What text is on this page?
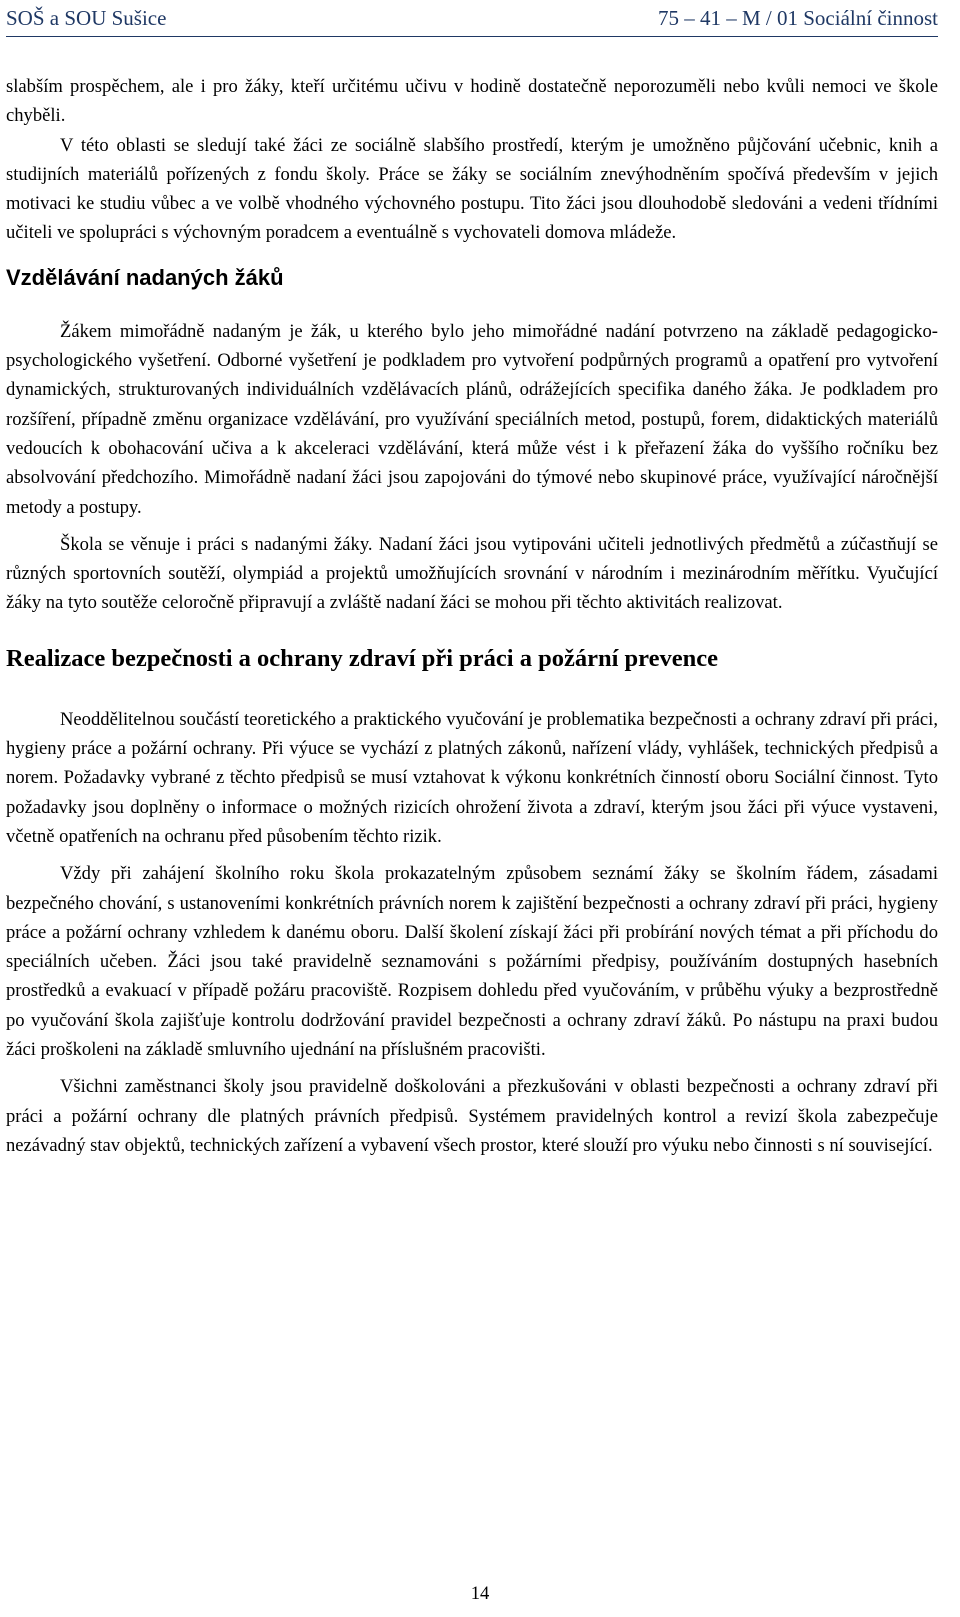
SOŠ a SOU Sušice	75 – 41 – M / 01 Sociální činnost

slabším prospěchem, ale i pro žáky, kteří určitému učivu v hodině dostatečně neporozuměli nebo kvůli nemoci ve škole chyběli.

V této oblasti se sledují také žáci ze sociálně slabšího prostředí, kterým je umožněno půjčování učebnic, knih a studijních materiálů pořízených z fondu školy. Práce se žáky se sociálním znevýhodněním spočívá především v jejich motivaci ke studiu vůbec a ve volbě vhodného výchovného postupu. Tito žáci jsou dlouhodobě sledováni a vedeni třídními učiteli ve spolupráci s výchovným poradcem a eventuálně s vychovateli domova mládeže.

Vzdělávání nadaných žáků

Žákem mimořádně nadaným je žák, u kterého bylo jeho mimořádné nadání potvrzeno na základě pedagogicko-psychologického vyšetření. Odborné vyšetření je podkladem pro vytvoření podpůrných programů a opatření pro vytvoření dynamických, strukturovaných individuálních vzdělávacích plánů, odrážejících specifika daného žáka. Je podkladem pro rozšíření, případně změnu organizace vzdělávání, pro využívání speciálních metod, postupů, forem, didaktických materiálů vedoucích k obohacování učiva a k akceleraci vzdělávání, která může vést i k přeřazení žáka do vyššího ročníku bez absolvování předchozího. Mimořádně nadaní žáci jsou zapojováni do týmové nebo skupinové práce, využívající náročnější metody a postupy.

Škola se věnuje i práci s nadanými žáky. Nadaní žáci jsou vytipováni učiteli jednotlivých předmětů a zúčastňují se různých sportovních soutěží, olympiád a projektů umožňujících srovnání v národním i mezinárodním měřítku. Vyučující žáky na tyto soutěže celoročně připravují a zvláště nadaní žáci se mohou při těchto aktivitách realizovat.

Realizace bezpečnosti a ochrany zdraví při práci a požární prevence

Neoddělitelnou součástí teoretického a praktického vyučování je problematika bezpečnosti a ochrany zdraví při práci, hygieny práce a požární ochrany. Při výuce se vychází z platných zákonů, nařízení vlády, vyhlášek, technických předpisů a norem. Požadavky vybrané z těchto předpisů se musí vztahovat k výkonu konkrétních činností oboru Sociální činnost. Tyto požadavky jsou doplněny o informace o možných rizicích ohrožení života a zdraví, kterým jsou žáci při výuce vystaveni, včetně opatřeních na ochranu před působením těchto rizik.

Vždy při zahájení školního roku škola prokazatelným způsobem seznámí žáky se školním řádem, zásadami bezpečného chování, s ustanoveními konkrétních právních norem k zajištění bezpečnosti a ochrany zdraví při práci, hygieny práce a požární ochrany vzhledem k danému oboru. Další školení získají žáci při probírání nových témat a při příchodu do speciálních učeben. Žáci jsou také pravidelně seznamováni s požárními předpisy, používáním dostupných hasebních prostředků a evakuací v případě požáru pracoviště. Rozpisem dohledu před vyučováním, v průběhu výuky a bezprostředně po vyučování škola zajišťuje kontrolu dodržování pravidel bezpečnosti a ochrany zdraví žáků. Po nástupu na praxi budou žáci proškoleni na základě smluvního ujednání na příslušném pracovišti.

Všichni zaměstnanci školy jsou pravidelně doškolováni a přezkušováni v oblasti bezpečnosti a ochrany zdraví při práci a požární ochrany dle platných právních předpisů. Systémem pravidelných kontrol a revizí škola zabezpečuje nezávadný stav objektů, technických zařízení a vybavení všech prostor, které slouží pro výuku nebo činnosti s ní související.

14
